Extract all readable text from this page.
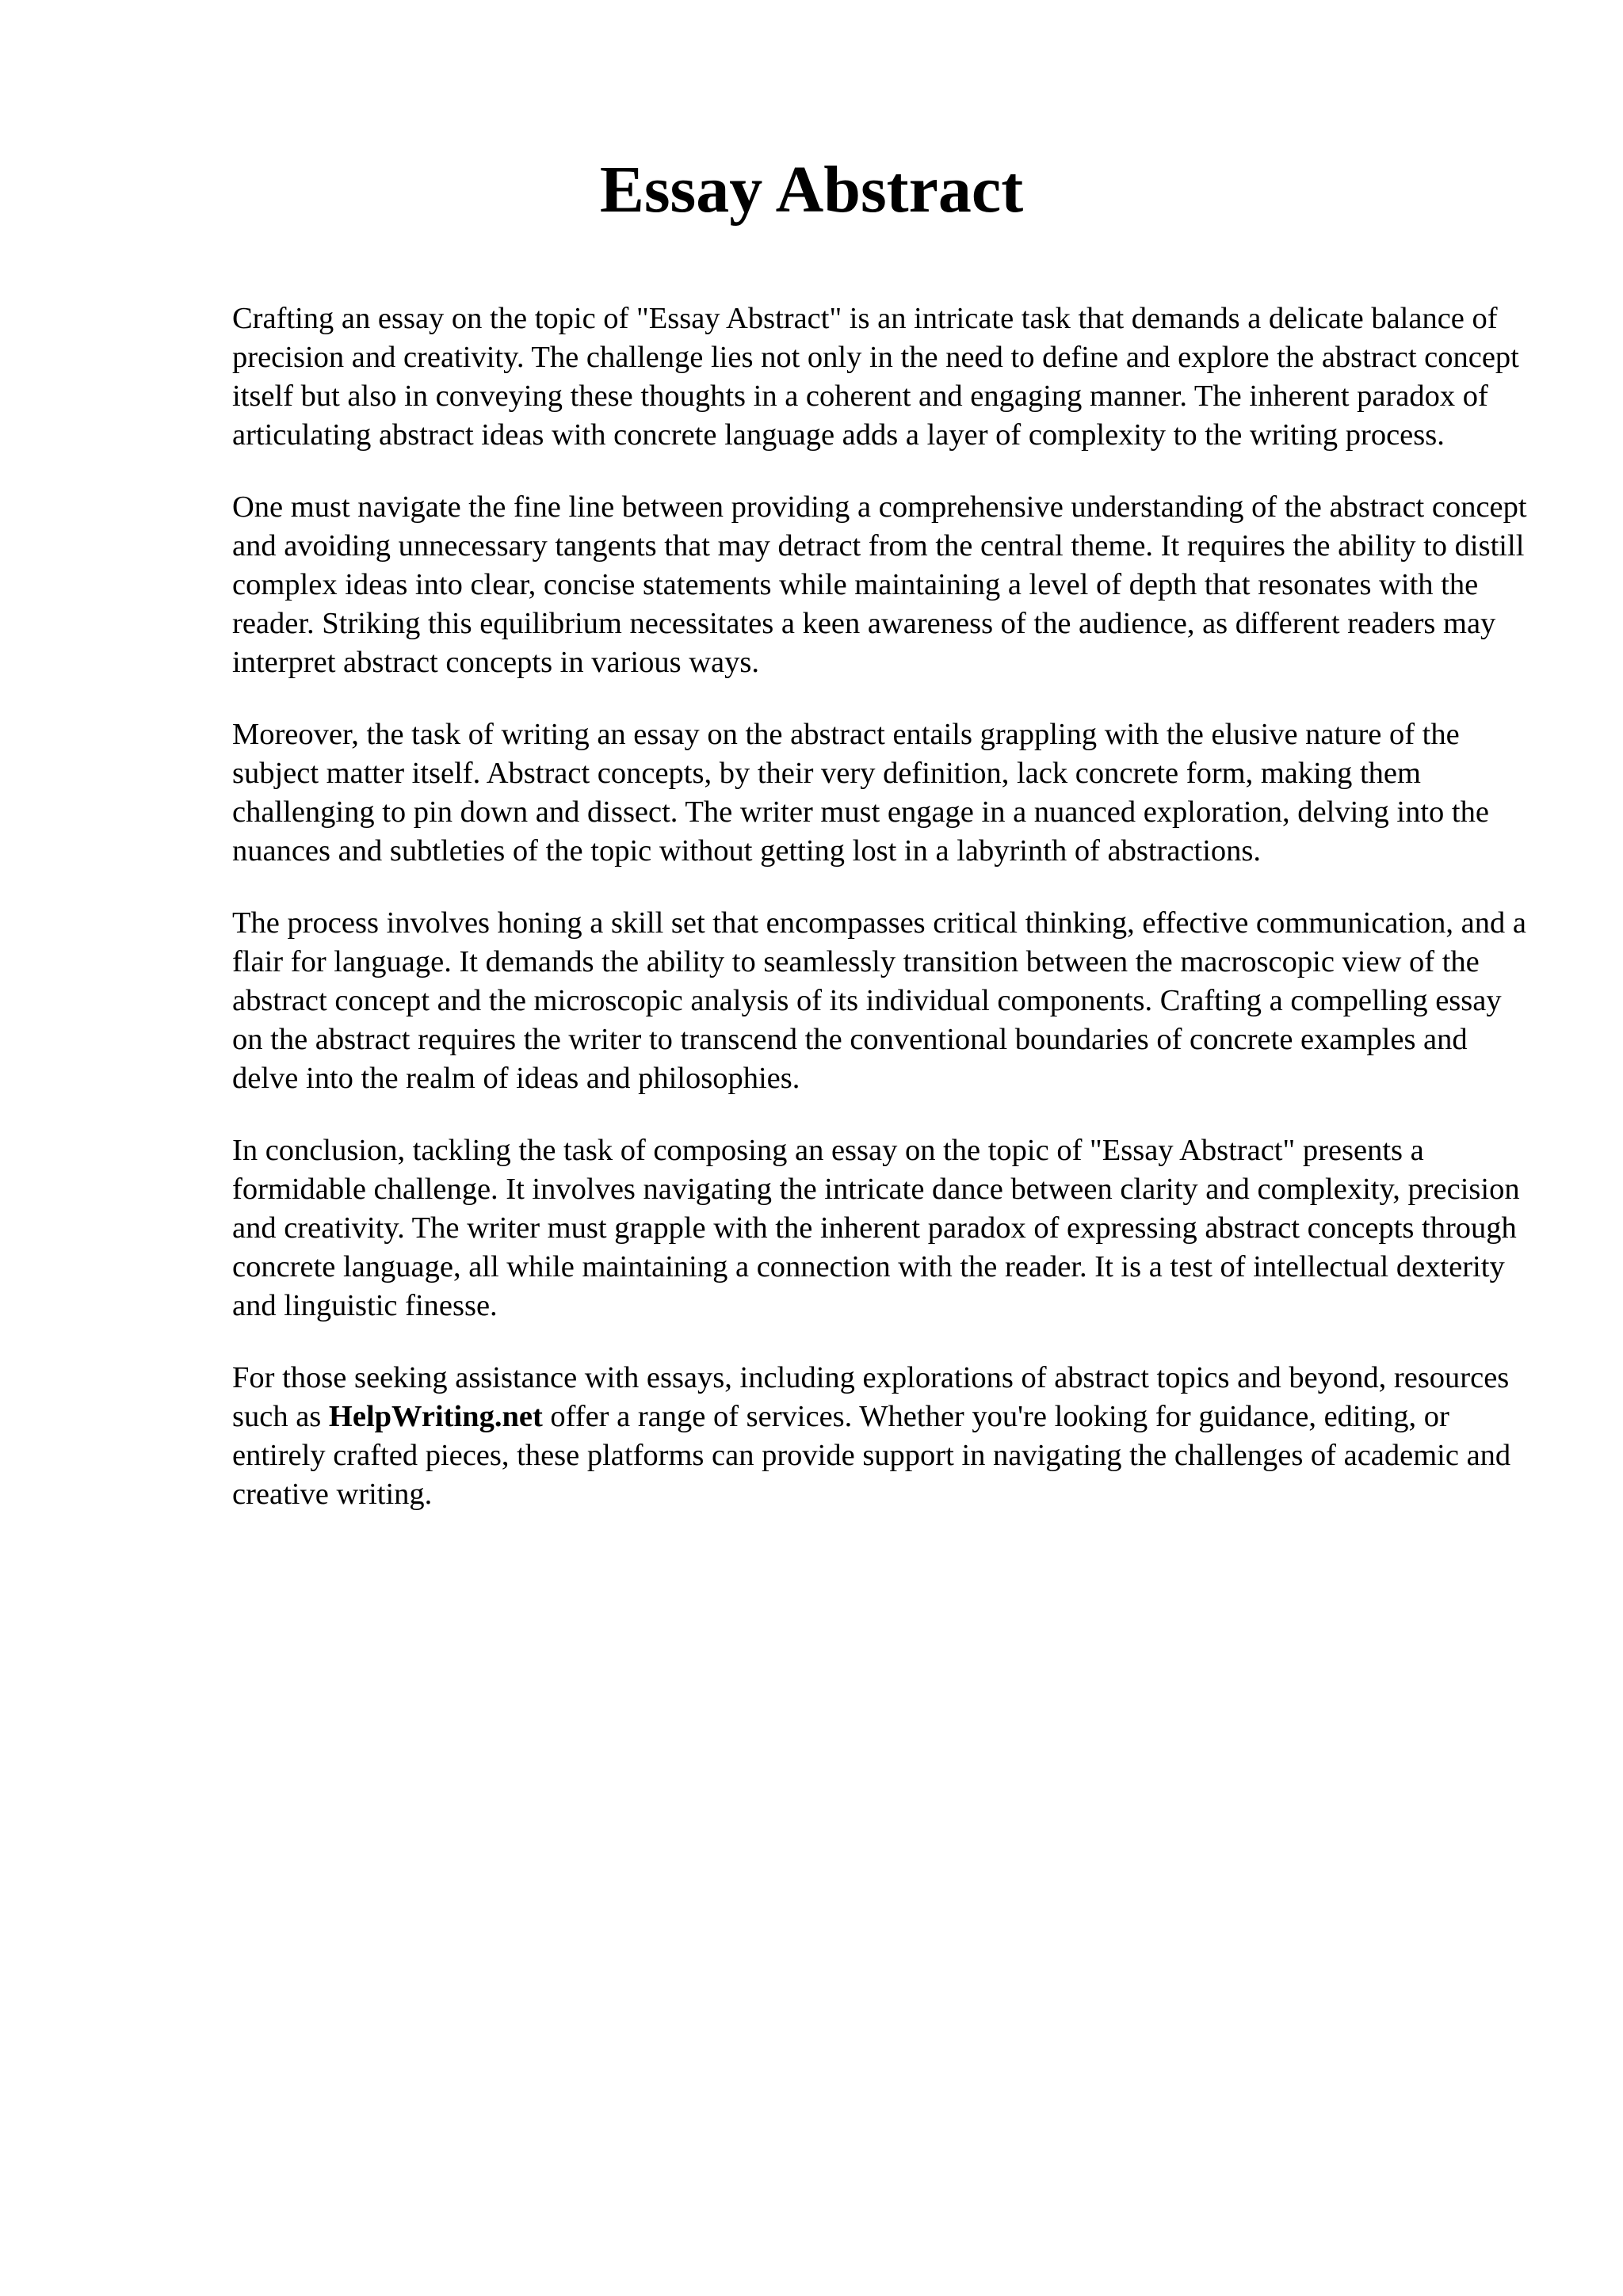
Essay Abstract

Crafting an essay on the topic of "Essay Abstract" is an intricate task that demands a delicate balance of precision and creativity. The challenge lies not only in the need to define and explore the abstract concept itself but also in conveying these thoughts in a coherent and engaging manner. The inherent paradox of articulating abstract ideas with concrete language adds a layer of complexity to the writing process.

One must navigate the fine line between providing a comprehensive understanding of the abstract concept and avoiding unnecessary tangents that may detract from the central theme. It requires the ability to distill complex ideas into clear, concise statements while maintaining a level of depth that resonates with the reader. Striking this equilibrium necessitates a keen awareness of the audience, as different readers may interpret abstract concepts in various ways.

Moreover, the task of writing an essay on the abstract entails grappling with the elusive nature of the subject matter itself. Abstract concepts, by their very definition, lack concrete form, making them challenging to pin down and dissect. The writer must engage in a nuanced exploration, delving into the nuances and subtleties of the topic without getting lost in a labyrinth of abstractions.

The process involves honing a skill set that encompasses critical thinking, effective communication, and a flair for language. It demands the ability to seamlessly transition between the macroscopic view of the abstract concept and the microscopic analysis of its individual components. Crafting a compelling essay on the abstract requires the writer to transcend the conventional boundaries of concrete examples and delve into the realm of ideas and philosophies.

In conclusion, tackling the task of composing an essay on the topic of "Essay Abstract" presents a formidable challenge. It involves navigating the intricate dance between clarity and complexity, precision and creativity. The writer must grapple with the inherent paradox of expressing abstract concepts through concrete language, all while maintaining a connection with the reader. It is a test of intellectual dexterity and linguistic finesse.

For those seeking assistance with essays, including explorations of abstract topics and beyond, resources such as HelpWriting.net offer a range of services. Whether you're looking for guidance, editing, or entirely crafted pieces, these platforms can provide support in navigating the challenges of academic and creative writing.
